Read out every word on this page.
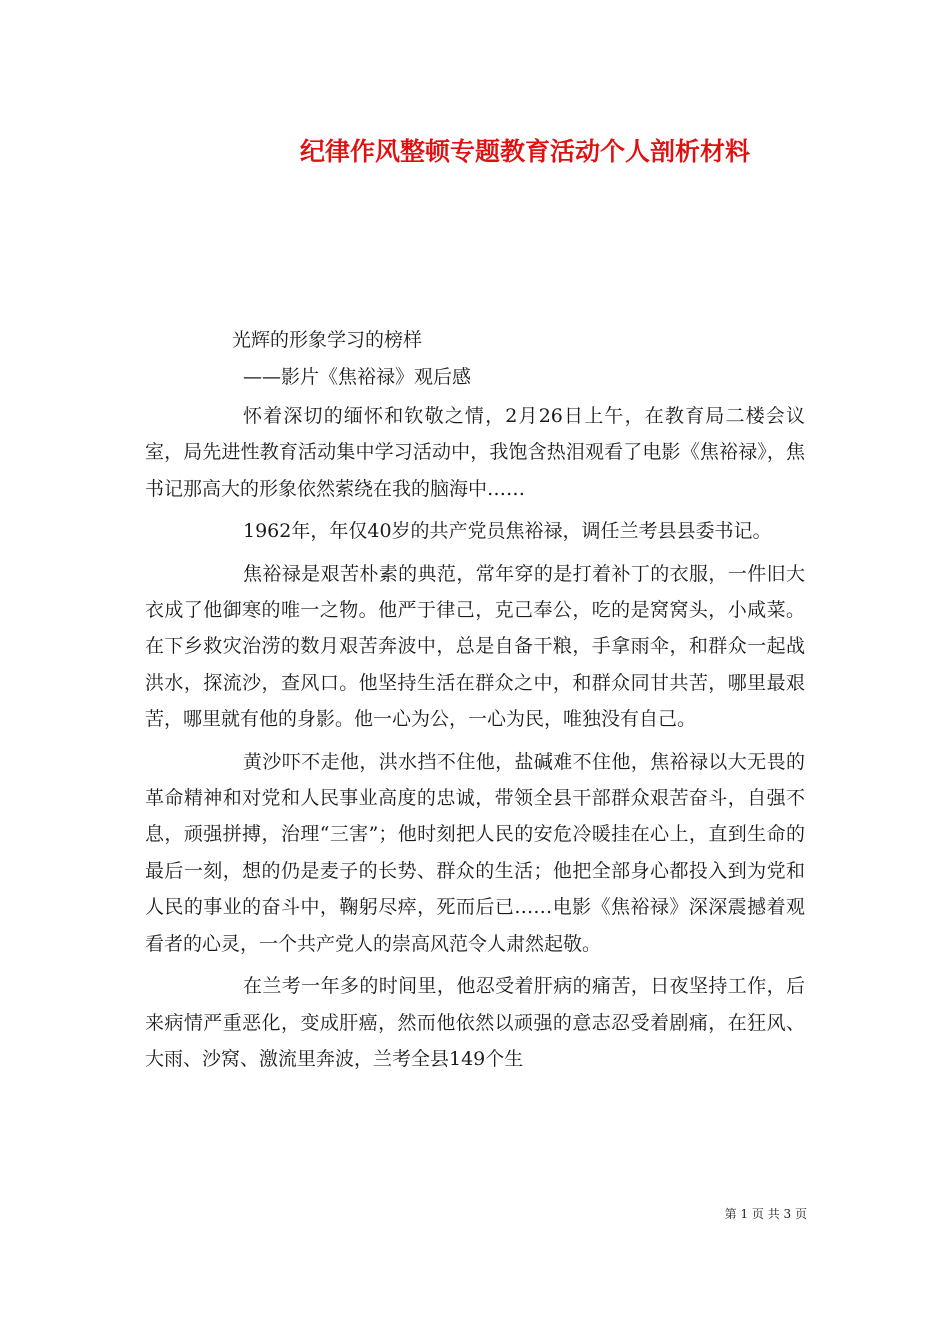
纪律作风整顿专题教育活动个人剖析材料
光辉的形象学习的榜样
——影片《焦裕禄》观后感

怀着深切的缅怀和钦敬之情，2月26日上午，在教育局二楼会议室，局先进性教育活动集中学习活动中，我饱含热泪观看了电影《焦裕禄》，焦书记那高大的形象依然萦绕在我的脑海中……

1962年，年仅40岁的共产党员焦裕禄，调任兰考县县委书记。

焦裕禄是艰苦朴素的典范，常年穿的是打着补丁的衣服，一件旧大衣成了他御寒的唯一之物。他严于律己，克己奉公，吃的是窝窝头，小咸菜。在下乡救灾治涝的数月艰苦奔波中，总是自备干粮，手拿雨伞，和群众一起战洪水，探流沙，查风口。他坚持生活在群众之中，和群众同甘共苦，哪里最艰苦，哪里就有他的身影。他一心为公，一心为民，唯独没有自己。

黄沙吓不走他，洪水挡不住他，盐碱难不住他，焦裕禄以大无畏的革命精神和对党和人民事业高度的忠诚，带领全县干部群众艰苦奋斗，自强不息，顽强拼搏，治理“三害”；他时刻把人民的安危冷暖挂在心上，直到生命的最后一刻，想的仍是麦子的长势、群众的生活；他把全部身心都投入到为党和人民的事业的奋斗中，鞠躬尽瘁，死而后已……电影《焦裕禄》深深震撼着观看者的心灵，一个共产党人的崇高风范令人肃然起敬。

在兰考一年多的时间里，他忍受着肝病的痛苦，日夜坚持工作，后来病情严重恶化，变成肝癌，然而他依然以顽强的意志忍受着剧痛，在狂风、大雨、沙窝、激流里奔波，兰考全县149个生

第 1 页 共 3 页
